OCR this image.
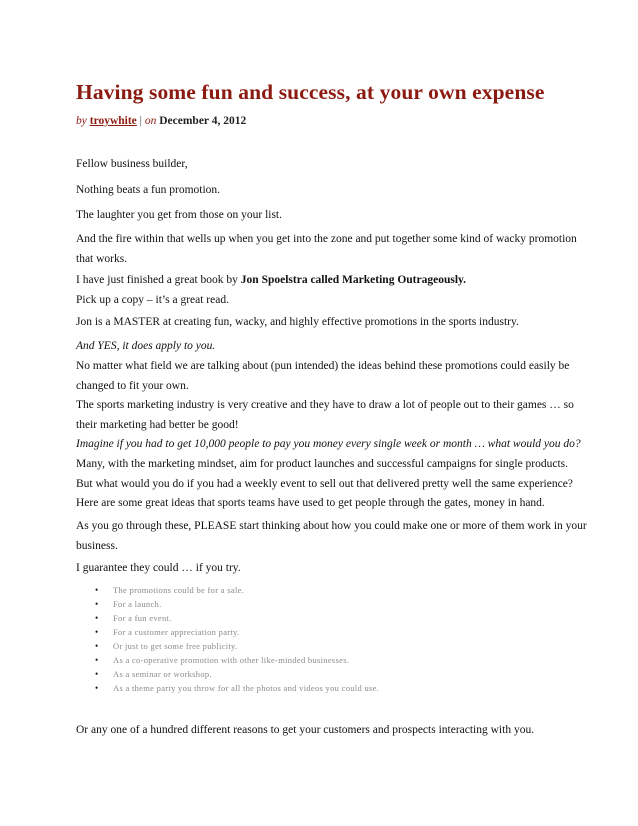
Having some fun and success, at your own expense
by troywhite | on December 4, 2012

Fellow business builder,

Nothing beats a fun promotion.

The laughter you get from those on your list.

And the fire within that wells up when you get into the zone and put together some kind of wacky promotion
that works.

I have just finished a great book by Jon Spoelstra called Marketing Outrageously.
Pick up a copy – it’s a great read.

Jon is a MASTER at creating fun, wacky, and highly effective promotions in the sports industry.

And YES, it does apply to you.
No matter what field we are talking about (pun intended) the ideas behind these promotions could easily be
changed to fit your own.

The sports marketing industry is very creative and they have to draw a lot of people out to their games … so
their marketing had better be good!

Imagine if you had to get 10,000 people to pay you money every single week or month … what would you do?
Many, with the marketing mindset, aim for product launches and successful campaigns for single products.
But what would you do if you had a weekly event to sell out that delivered pretty well the same experience?

Here are some great ideas that sports teams have used to get people through the gates, money in hand.

As you go through these, PLEASE start thinking about how you could make one or more of them work in your
business.

I guarantee they could … if you try.

• The promotions could be for a sale.
• For a launch.
• For a fun event.
• For a customer appreciation party.
• Or just to get some free publicity.
• As a co-operative promotion with other like-minded businesses.
• As a seminar or workshop.
• As a theme party you throw for all the photos and videos you could use.

Or any one of a hundred different reasons to get your customers and prospects interacting with you.
